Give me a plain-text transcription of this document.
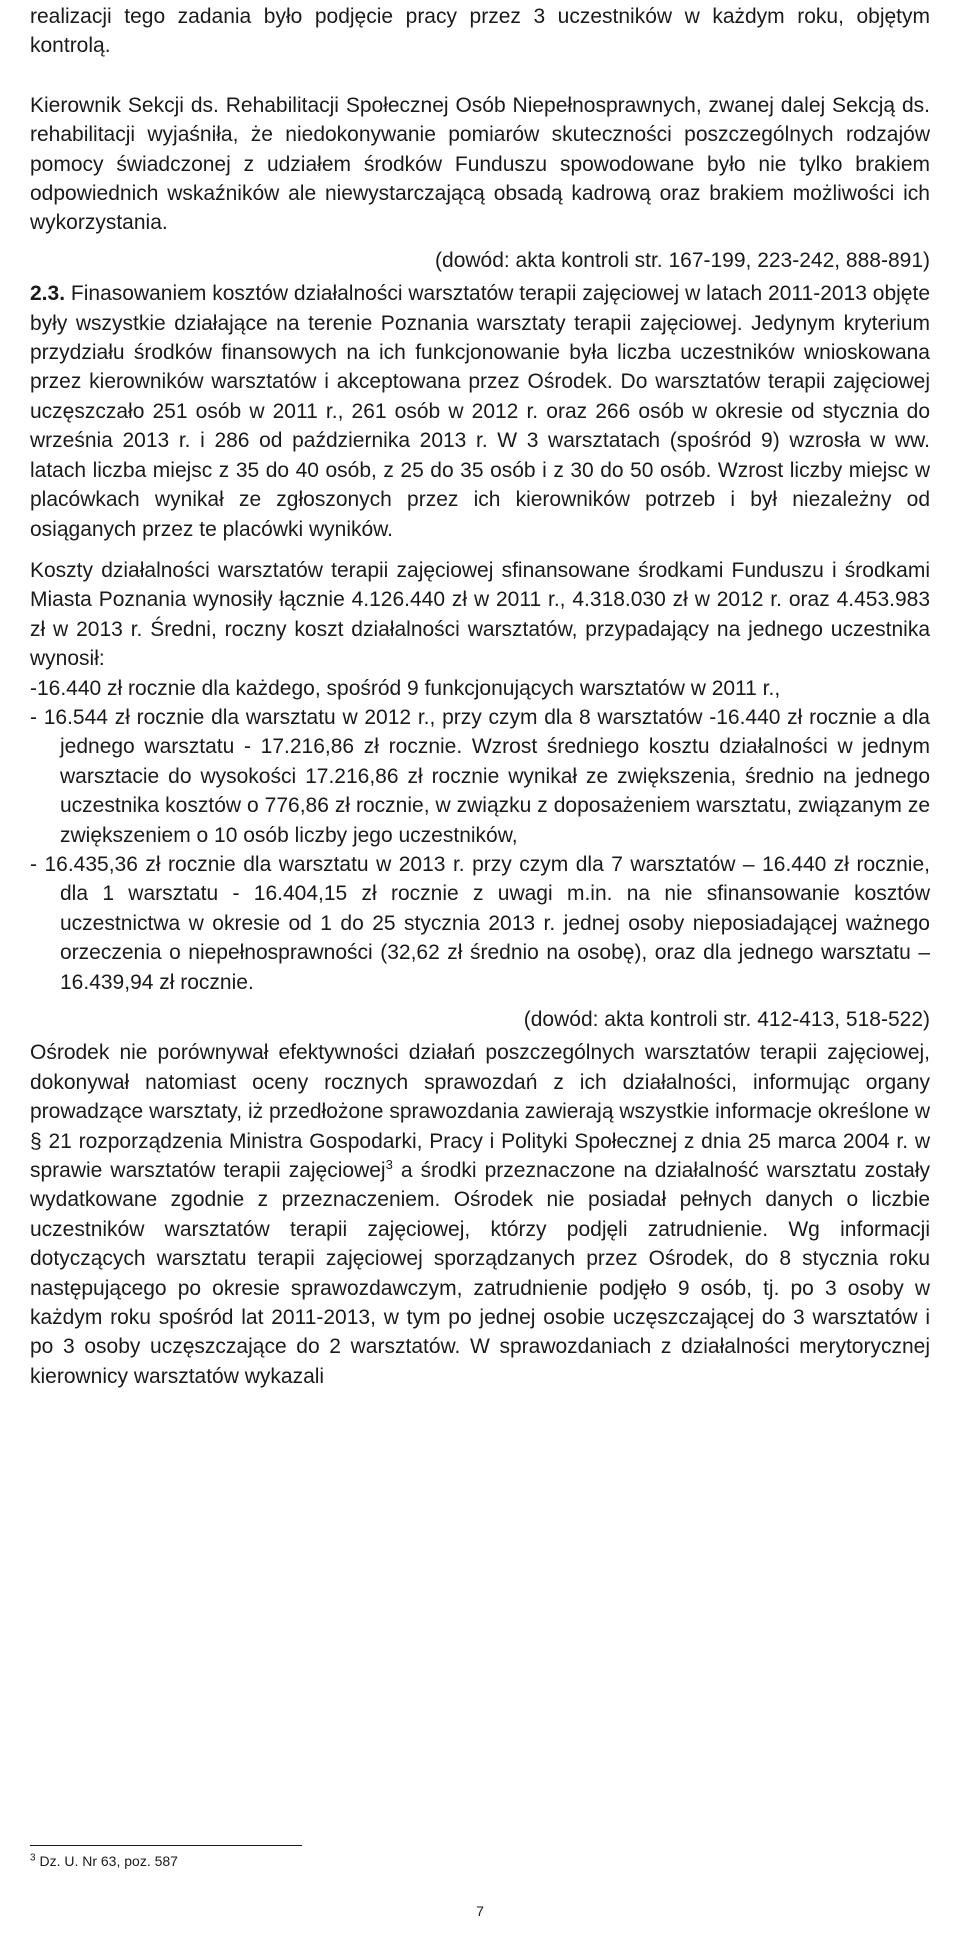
realizacji tego zadania było podjęcie pracy przez 3 uczestników w każdym roku, objętym kontrolą.

Kierownik Sekcji ds. Rehabilitacji Społecznej Osób Niepełnosprawnych, zwanej dalej Sekcją ds. rehabilitacji wyjaśniła, że niedokonywanie pomiarów skuteczności poszczególnych rodzajów pomocy świadczonej z udziałem środków Funduszu spowodowane było nie tylko brakiem odpowiednich wskaźników ale niewystarczającą obsadą kadrową oraz brakiem możliwości ich wykorzystania.

(dowód: akta kontroli str. 167-199, 223-242, 888-891)

2.3. Finasowaniem kosztów działalności warsztatów terapii zajęciowej w latach 2011-2013 objęte były wszystkie działające na terenie Poznania warsztaty terapii zajęciowej. Jedynym kryterium przydziału środków finansowych na ich funkcjonowanie była liczba uczestników wnioskowana przez kierowników warsztatów i akceptowana przez Ośrodek. Do warsztatów terapii zajęciowej uczęszczało 251 osób w 2011 r., 261 osób w 2012 r. oraz 266 osób w okresie od stycznia do września 2013 r. i 286 od października 2013 r. W 3 warsztatach (spośród 9) wzrosła w ww. latach liczba miejsc z 35 do 40 osób, z 25 do 35 osób i z 30 do 50 osób. Wzrost liczby miejsc w placówkach wynikał ze zgłoszonych przez ich kierowników potrzeb i był niezależny od osiąganych przez te placówki wyników.

Koszty działalności warsztatów terapii zajęciowej sfinansowane środkami Funduszu i środkami Miasta Poznania wynosiły łącznie 4.126.440 zł w 2011 r., 4.318.030 zł w 2012 r. oraz 4.453.983 zł w 2013 r. Średni, roczny koszt działalności warsztatów, przypadający na jednego uczestnika wynosił:

-16.440 zł rocznie dla każdego, spośród 9 funkcjonujących warsztatów w 2011 r.,

- 16.544 zł rocznie dla warsztatu w 2012 r., przy czym dla 8 warsztatów -16.440 zł rocznie a dla jednego warsztatu - 17.216,86 zł rocznie. Wzrost średniego kosztu działalności w jednym warsztacie do wysokości 17.216,86 zł rocznie wynikał ze zwiększenia, średnio na jednego uczestnika kosztów o 776,86 zł rocznie, w związku z doposażeniem warsztatu, związanym ze zwiększeniem o 10 osób liczby jego uczestników,

- 16.435,36 zł rocznie dla warsztatu w 2013 r. przy czym dla 7 warsztatów – 16.440 zł rocznie, dla 1 warsztatu - 16.404,15 zł rocznie z uwagi m.in. na nie sfinansowanie kosztów uczestnictwa w okresie od 1 do 25 stycznia 2013 r. jednej osoby nieposiadającej ważnego orzeczenia o niepełnosprawności (32,62 zł średnio na osobę), oraz dla jednego warsztatu – 16.439,94 zł rocznie.

(dowód: akta kontroli str. 412-413, 518-522)

Ośrodek nie porównywał efektywności działań poszczególnych warsztatów terapii zajęciowej, dokonywał natomiast oceny rocznych sprawozdań z ich działalności, informując organy prowadzące warsztaty, iż przedłożone sprawozdania zawierają wszystkie informacje określone w § 21 rozporządzenia Ministra Gospodarki, Pracy i Polityki Społecznej z dnia 25 marca 2004 r. w sprawie warsztatów terapii zajęciowej$^3$ a środki przeznaczone na działalność warsztatu zostały wydatkowane zgodnie z przeznaczeniem. Ośrodek nie posiadał pełnych danych o liczbie uczestników warsztatów terapii zajęciowej, którzy podjęli zatrudnienie. Wg informacji dotyczących warsztatu terapii zajęciowej sporządzanych przez Ośrodek, do 8 stycznia roku następującego po okresie sprawozdawczym, zatrudnienie podjęło 9 osób, tj. po 3 osoby w każdym roku spośród lat 2011-2013, w tym po jednej osobie uczęszczającej do 3 warsztatów i po 3 osoby uczęszczające do 2 warsztatów. W sprawozdaniach z działalności merytorycznej kierownicy warsztatów wykazali

$^3$ Dz. U. Nr 63, poz. 587
7
